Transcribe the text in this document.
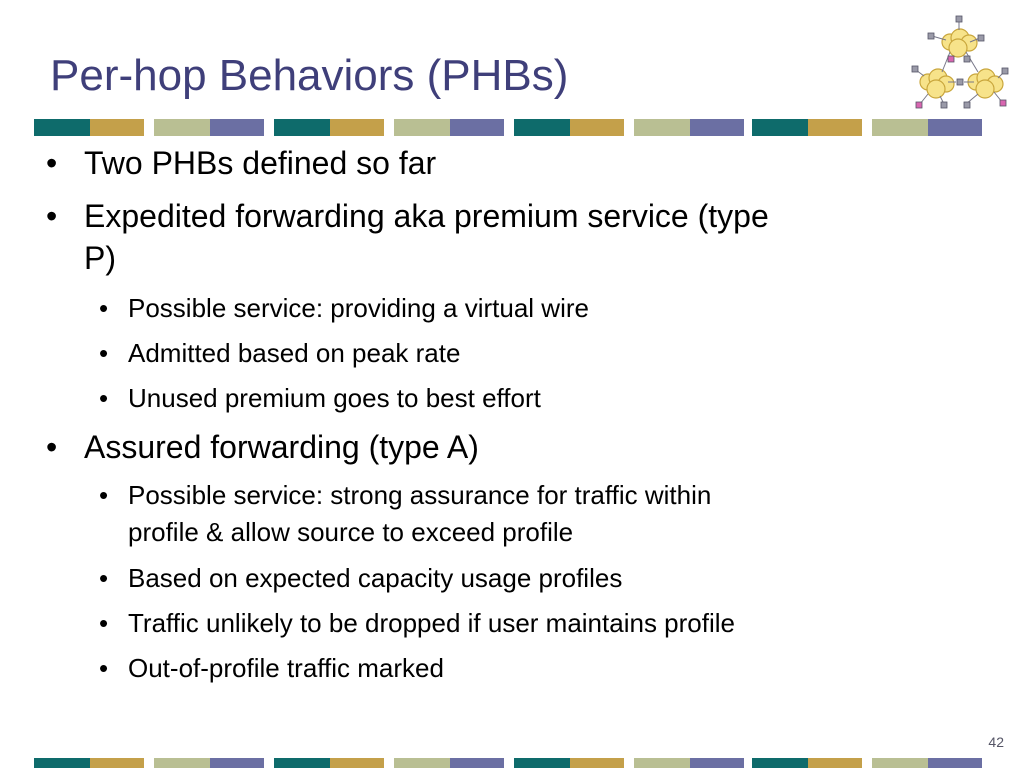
Per-hop Behaviors (PHBs)
• Two PHBs defined so far
• Expedited forwarding aka premium service (type
P)
• Possible service: providing a virtual wire
• Admitted based on peak rate
• Unused premium goes to best effort
• Assured forwarding (type A)
• Possible service: strong assurance for traffic within
profile & allow source to exceed profile
• Based on expected capacity usage profiles
• Traffic unlikely to be dropped if user maintains profile
• Out-of-profile traffic marked
42
